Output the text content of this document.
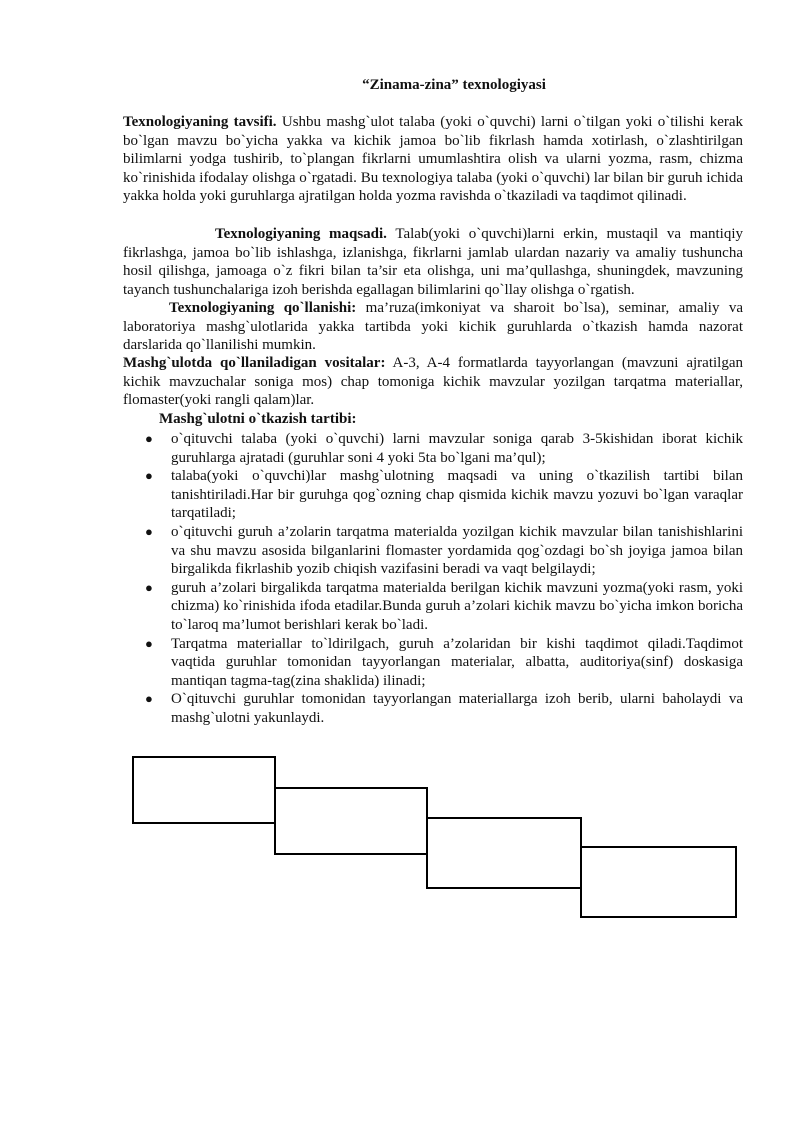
“Zinama-zina” texnologiyasi
Texnologiyaning tavsifi. Ushbu mashg`ulot talaba (yoki o`quvchi) larni o`tilgan yoki o`tilishi kerak bo`lgan mavzu bo`yicha yakka va kichik jamoa bo`lib fikrlash hamda xotirlash, o`zlashtirilgan bilimlarni yodga tushirib, to`plangan fikrlarni umumlashtira olish va ularni yozma, rasm, chizma ko`rinishida ifodalay olishga o`rgatadi. Bu texnologiya talaba (yoki o`quvchi) lar bilan bir guruh ichida yakka holda yoki guruhlarga ajratilgan holda yozma ravishda o`tkaziladi va taqdimot qilinadi.
Texnologiyaning maqsadi. Talab(yoki o`quvchi)larni erkin, mustaqil va mantiqiy fikrlashga, jamoa bo`lib ishlashga, izlanishga, fikrlarni jamlab ulardan nazariy va amaliy tushuncha hosil qilishga, jamoaga o`z fikri bilan ta’sir eta olishga, uni ma’qullashga, shuningdek, mavzuning tayanch tushunchalariga izoh berishda egallagan bilimlarini qo`llay olishga o`rgatish.
Texnologiyaning qo`llanishi: ma’ruza(imkoniyat va sharoit bo`lsa), seminar, amaliy va laboratoriya mashg`ulotlarida yakka tartibda yoki kichik guruhlarda o`tkazish hamda nazorat darslarida qo`llanilishi mumkin.
Mashg`ulotda qo`llaniladigan vositalar: A-3, A-4 formatlarda tayyorlangan (mavzuni ajratilgan kichik mavzuchalar soniga mos) chap tomoniga kichik mavzular yozilgan tarqatma materiallar, flomaster(yoki rangli qalam)lar.
Mashg`ulotni o`tkazish tartibi:
● o`qituvchi talaba (yoki o`quvchi) larni mavzular soniga qarab 3-5kishidan iborat kichik guruhlarga ajratadi (guruhlar soni 4 yoki 5ta bo`lgani ma’qul);
● talaba(yoki o`quvchi)lar mashg`ulotning maqsadi va uning o`tkazilish tartibi bilan tanishtiriladi.Har bir guruhga qog`ozning chap qismida kichik mavzu yozuvi bo`lgan varaqlar tarqatiladi;
● o`qituvchi guruh a’zolarin tarqatma materialda yozilgan kichik mavzular bilan tanishishlarini va shu mavzu asosida bilganlarini flomaster yordamida qog`ozdagi bo`sh joyiga jamoa bilan birgalikda fikrlashib yozib chiqish vazifasini beradi va vaqt belgilaydi;
● guruh a’zolari birgalikda tarqatma materialda berilgan kichik mavzuni yozma(yoki rasm, yoki chizma) ko`rinishida ifoda etadilar.Bunda guruh a’zolari kichik mavzu bo`yicha imkon boricha to`laroq ma’lumot berishlari kerak bo`ladi.
● Tarqatma materiallar to`ldirilgach, guruh a’zolaridan bir kishi taqdimot qiladi.Taqdimot vaqtida guruhlar tomonidan tayyorlangan materialar, albatta, auditoriya(sinf) doskasiga mantiqan tagma-tag(zina shaklida) ilinadi;
● O`qituvchi guruhlar tomonidan tayyorlangan materiallarga izoh berib, ularni baholaydi va mashg`ulotni yakunlaydi.
